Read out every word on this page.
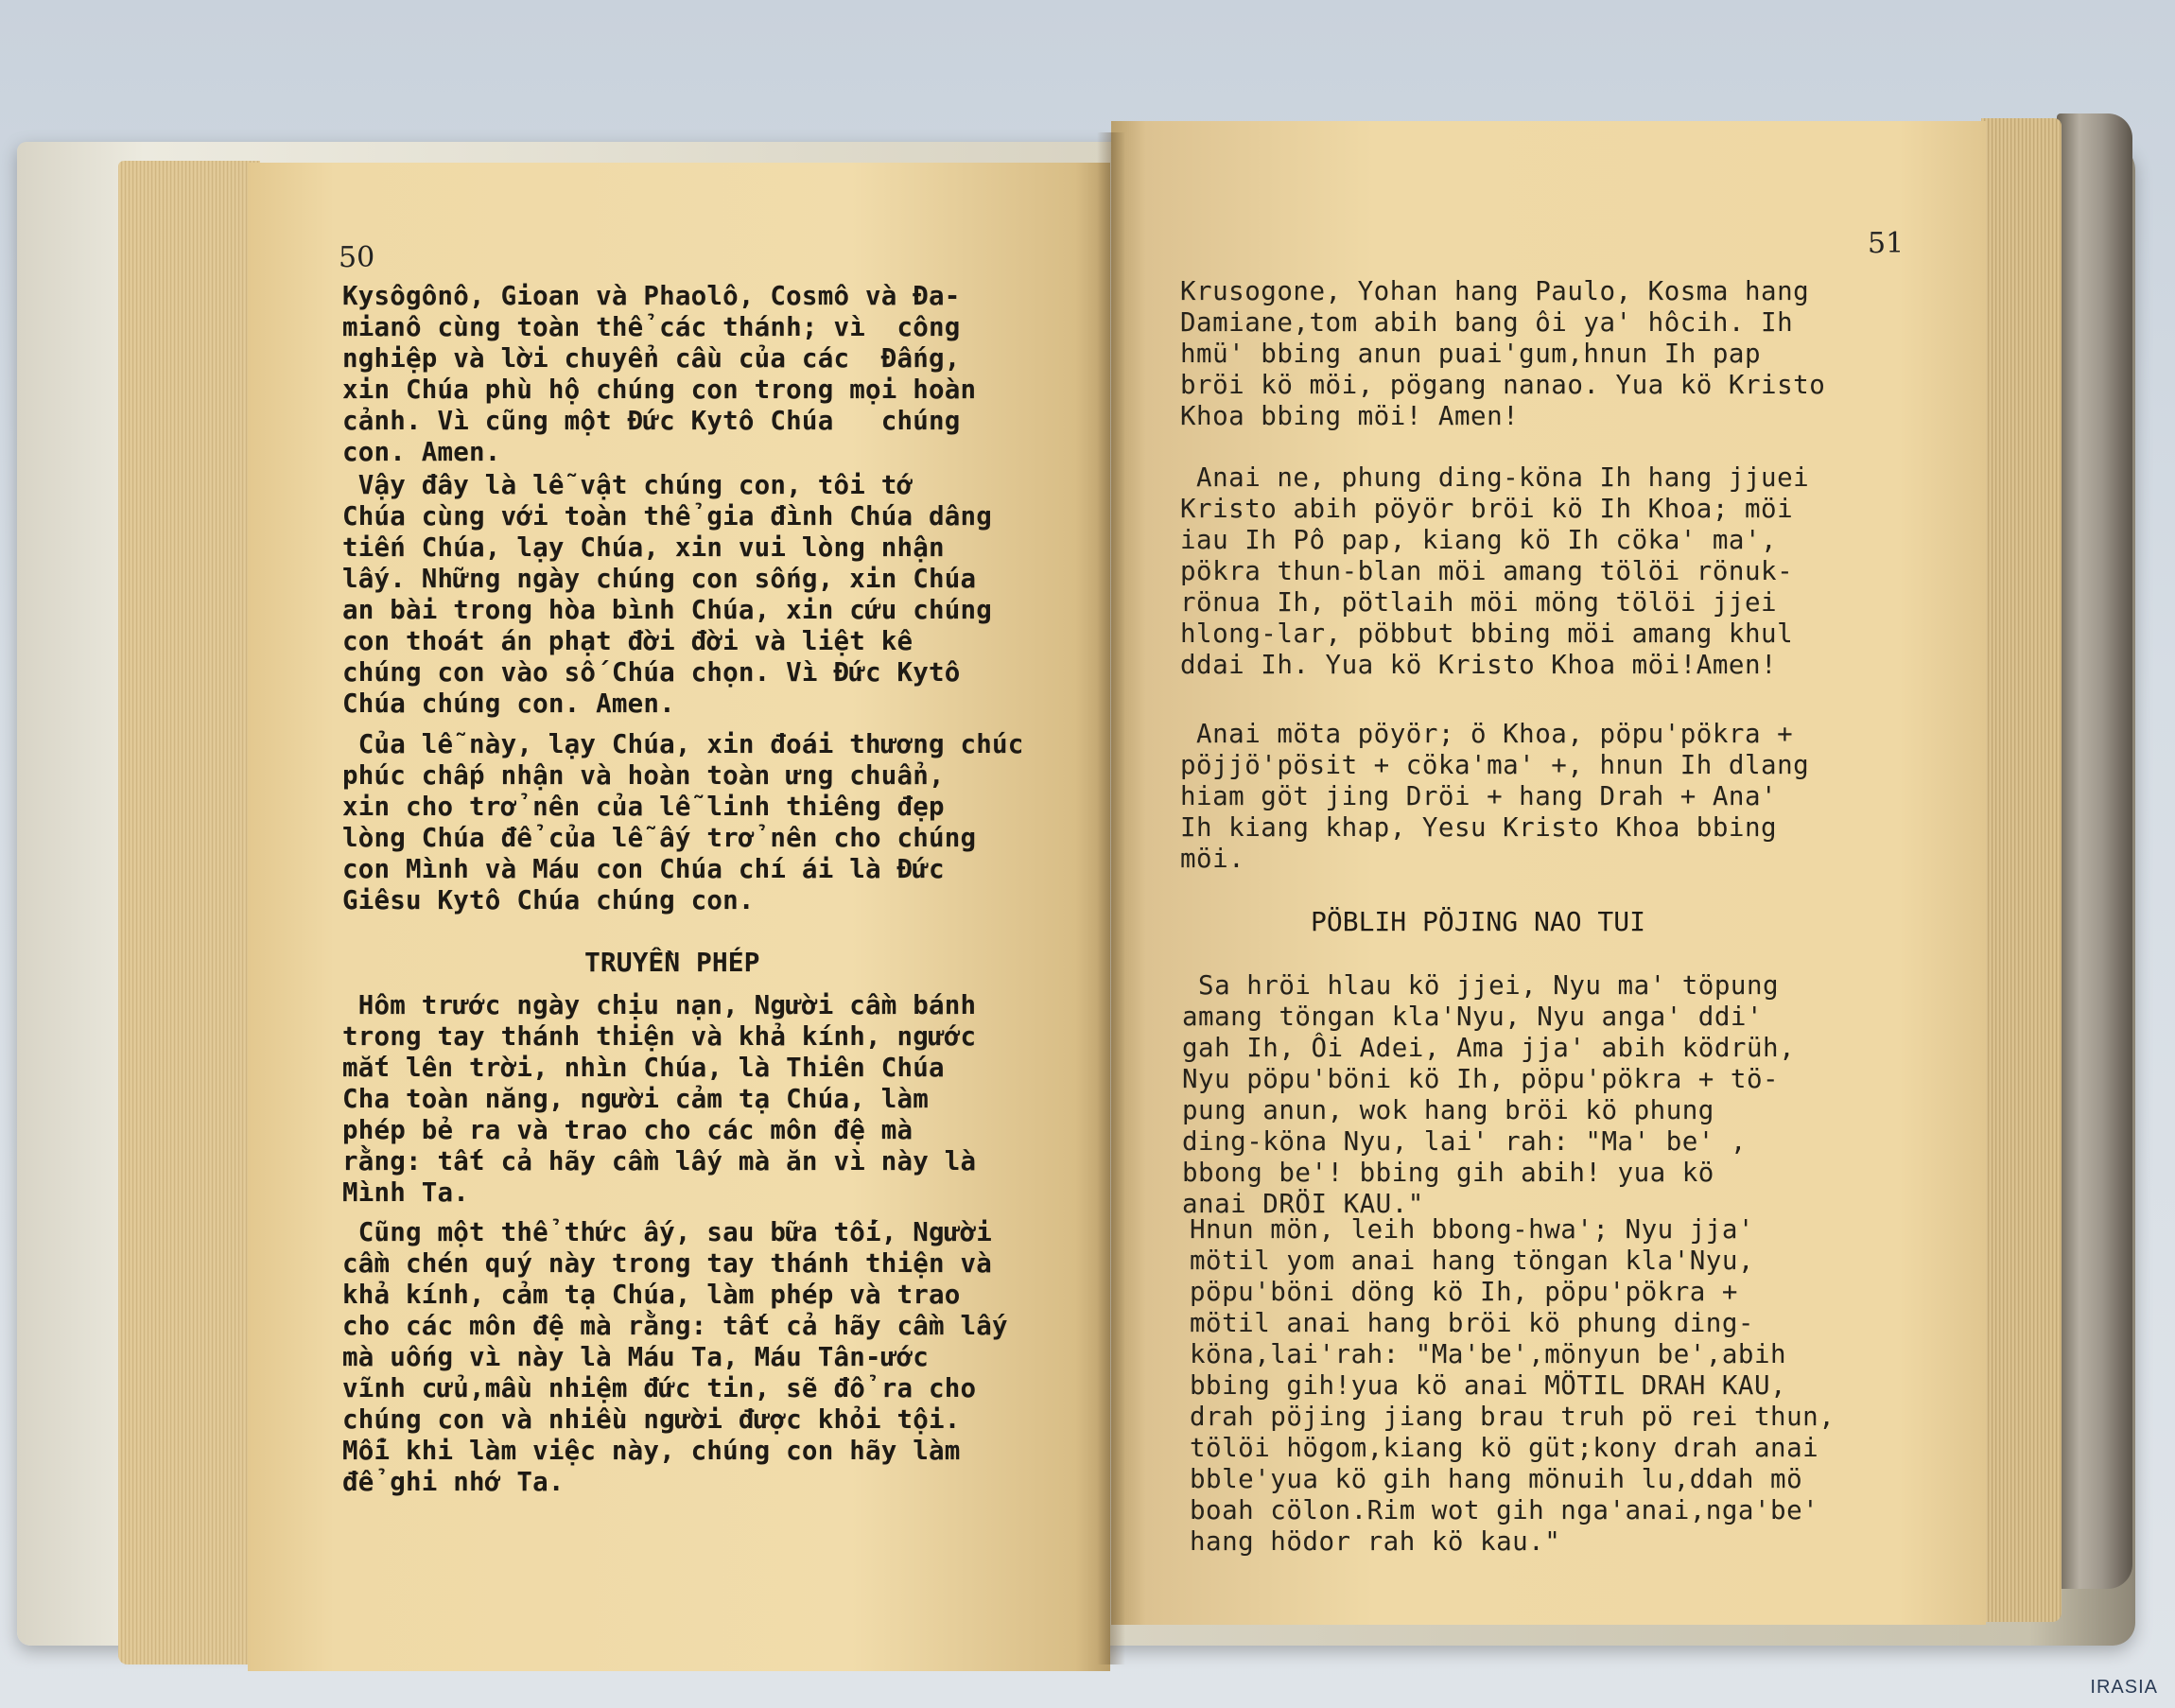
50
Kysôgônô, Gioan và Phaolô, Cosmô và Đa-
mianô cùng toàn thể các thánh; vì  công
nghiệp và lời chuyển cầu của các  Đấng,
xin Chúa phù hộ chúng con trong mọi hoàn
cảnh. Vì cũng một Đức Kytô Chúa   chúng
con. Amen.
Vậy đây là lễ vật chúng con, tôi tớ
Chúa cùng với toàn thể gia đình Chúa dâng
tiến Chúa, lạy Chúa, xin vui lòng nhận
lấy. Những ngày chúng con sống, xin Chúa
an bài trong hòa bình Chúa, xin cứu chúng
con thoát án phạt đời đời và liệt kê
chúng con vào số Chúa chọn. Vì Đức Kytô
Chúa chúng con. Amen.
Của lễ này, lạy Chúa, xin đoái thương chúc
phúc chấp nhận và hoàn toàn ưng chuẩn,
xin cho trở nên của lễ linh thiêng đẹp
lòng Chúa để của lễ ấy trở nên cho chúng
con Mình và Máu con Chúa chí ái là Đức
Giêsu Kytô Chúa chúng con.
TRUYỀN PHÉP
Hôm trước ngày chịu nạn, Người cầm bánh
trong tay thánh thiện và khả kính, ngước
mắt lên trời, nhìn Chúa, là Thiên Chúa
Cha toàn năng, người cảm tạ Chúa, làm
phép bẻ ra và trao cho các môn đệ mà
rằng: tất cả hãy cầm lấy mà ăn vì này là
Mình Ta.
Cũng một thể thức ấy, sau bữa tối, Người
cầm chén quý này trong tay thánh thiện và
khả kính, cảm tạ Chúa, làm phép và trao
cho các môn đệ mà rằng: tất cả hãy cầm lấy
mà uống vì này là Máu Ta, Máu Tân-ước
vĩnh cửu,mầu nhiệm đức tin, sẽ đổ ra cho
chúng con và nhiều người được khỏi tội.
Mỗi khi làm việc này, chúng con hãy làm
để ghi nhớ Ta.
51
Krusogone, Yohan hang Paulo, Kosma hang
Damiane,tom abih bang ôi ya' hôcih. Ih
hmü' bbing anun puai'gum,hnun Ih pap
bröi kö möi, pögang nanao. Yua kö Kristo
Khoa bbing möi! Amen!
Anai ne, phung ding-köna Ih hang jjuei
Kristo abih pöyör bröi kö Ih Khoa; möi
iau Ih Pô pap, kiang kö Ih cöka' ma',
pökra thun-blan möi amang tölöi rönuk-
rönua Ih, pötlaih möi möng tölöi jjei
hlong-lar, pöbbut bbing möi amang khul
ddai Ih. Yua kö Kristo Khoa möi!Amen!
Anai möta pöyör; ö Khoa, pöpu'pökra +
pöjjö'pösit + cöka'ma' +, hnun Ih dlang
hiam göt jing Dröi + hang Drah + Ana'
Ih kiang khap, Yesu Kristo Khoa bbing
möi.
PÖBLIH PÖJING NAO TUI
Sa hröi hlau kö jjei, Nyu ma' töpung
amang töngan kla'Nyu, Nyu anga' ddi'
gah Ih, Ôi Adei, Ama jja' abih ködrüh,
Nyu pöpu'böni kö Ih, pöpu'pökra + tö-
pung anun, wok hang bröi kö phung
ding-köna Nyu, lai' rah: "Ma' be' ,
bbong be'! bbing gih abih! yua kö
anai DRÖI KAU."
Hnun mön, leih bbong-hwa'; Nyu jja'
mötil yom anai hang töngan kla'Nyu,
pöpu'böni döng kö Ih, pöpu'pökra +
mötil anai hang bröi kö phung ding-
köna,lai'rah: "Ma'be',mönyun be',abih
bbing gih!yua kö anai MÖTIL DRAH KAU,
drah pöjing jiang brau truh pö rei thun,
tölöi högom,kiang kö güt;kony drah anai
bble'yua kö gih hang mönuih lu,ddah mö
boah cölon.Rim wot gih nga'anai,nga'be'
hang hödor rah kö kau."
IRASIA
